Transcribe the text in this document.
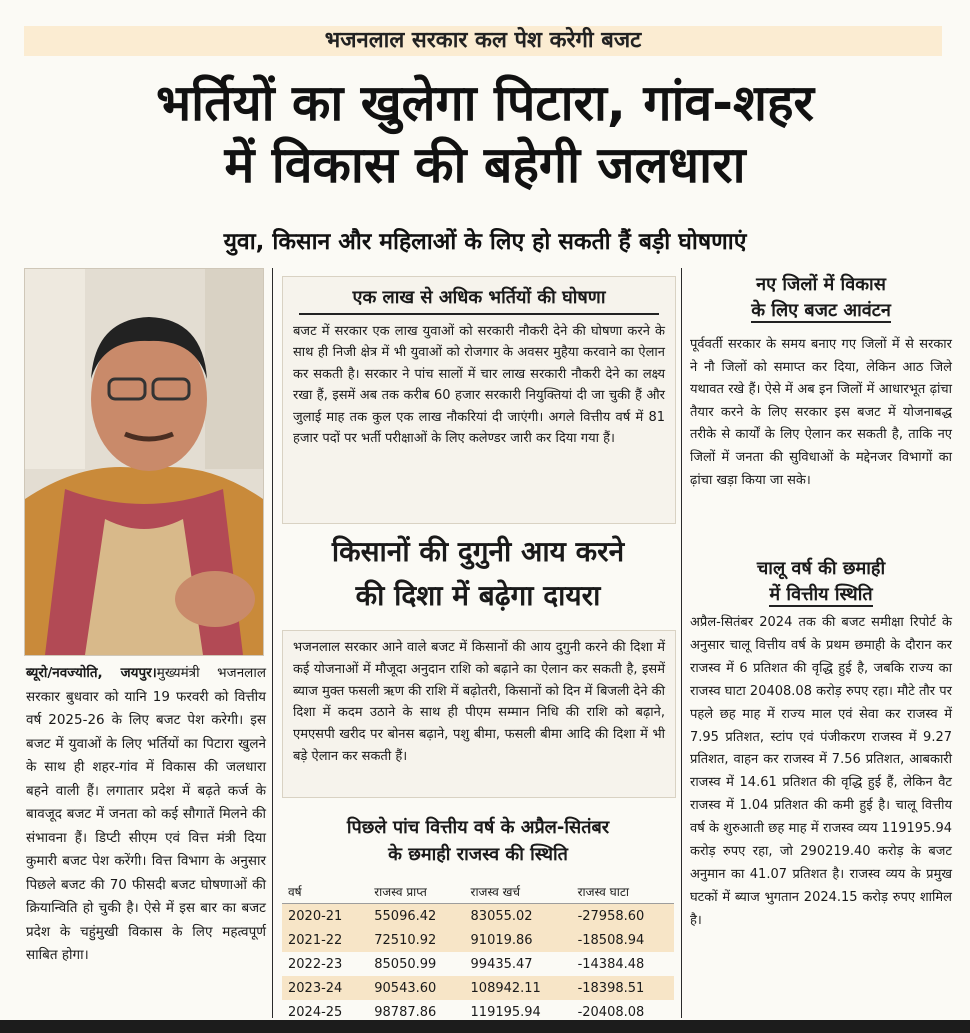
भजनलाल सरकार कल पेश करेगी बजट
भर्तियों का खुलेगा पिटारा, गांव-शहर
में विकास की बहेगी जलधारा
युवा, किसान और महिलाओं के लिए हो सकती हैं बड़ी घोषणाएं
ब्यूरो/नवज्योति, जयपुर।मुख्यमंत्री भजनलाल सरकार बुधवार को यानि 19 फरवरी को वित्तीय वर्ष 2025-26 के लिए बजट पेश करेगी। इस बजट में युवाओं के लिए भर्तियों का पिटारा खुलने के साथ ही शहर-गांव में विकास की जलधारा बहने वाली हैं। लगातार प्रदेश में बढ़ते कर्ज के बावजूद बजट में जनता को कई सौगातें मिलने की संभावना हैं। डिप्टी सीएम एवं वित्त मंत्री दिया कुमारी बजट पेश करेंगी। वित्त विभाग के अनुसार पिछले बजट की 70 फीसदी बजट घोषणाओं की क्रियान्विति हो चुकी है। ऐसे में इस बार का बजट प्रदेश के चहुंमुखी विकास के लिए महत्वपूर्ण साबित होगा।
एक लाख से अधिक भर्तियों की घोषणा
बजट में सरकार एक लाख युवाओं को सरकारी नौकरी देने की घोषणा करने के साथ ही निजी क्षेत्र में भी युवाओं को रोजगार के अवसर मुहैया करवाने का ऐलान कर सकती है। सरकार ने पांच सालों में चार लाख सरकारी नौकरी देने का लक्ष्य रखा हैं, इसमें अब तक करीब 60 हजार सरकारी नियुक्तियां दी जा चुकी हैं और जुलाई माह तक कुल एक लाख नौकरियां दी जाएंगी। अगले वित्तीय वर्ष में 81 हजार पदों पर भर्ती परीक्षाओं के लिए कलेण्डर जारी कर दिया गया हैं।
किसानों की दुगुनी आय करने
की दिशा में बढ़ेगा दायरा
भजनलाल सरकार आने वाले बजट में किसानों की आय दुगुनी करने की दिशा में कई योजनाओं में मौजूदा अनुदान राशि को बढ़ाने का ऐलान कर सकती है, इसमें ब्याज मुक्त फसली ऋण की राशि में बढ़ोतरी, किसानों को दिन में बिजली देने की दिशा में कदम उठाने के साथ ही पीएम सम्मान निधि की राशि को बढ़ाने, एमएसपी खरीद पर बोनस बढ़ाने, पशु बीमा, फसली बीमा आदि की दिशा में भी बड़े ऐलान कर सकती हैं।
पिछले पांच वित्तीय वर्ष के अप्रैल-सितंबर
के छमाही राजस्व की स्थिति
वर्ष	राजस्व प्राप्त	राजस्व खर्च	राजस्व घाटा
2020-21	55096.42	83055.02	-27958.60
2021-22	72510.92	91019.86	-18508.94
2022-23	85050.99	99435.47	-14384.48
2023-24	90543.60	108942.11	-18398.51
2024-25	98787.86	119195.94	-20408.08
नए जिलों में विकास
के लिए बजट आवंटन
पूर्ववर्ती सरकार के समय बनाए गए जिलों में से सरकार ने नौ जिलों को समाप्त कर दिया, लेकिन आठ जिले यथावत रखे हैं। ऐसे में अब इन जिलों में आधारभूत ढ़ांचा तैयार करने के लिए सरकार इस बजट में योजनाबद्ध तरीके से कार्यों के लिए ऐलान कर सकती है, ताकि नए जिलों में जनता की सुविधाओं के मद्देनजर विभागों का ढ़ांचा खड़ा किया जा सके।
चालू वर्ष की छमाही
में वित्तीय स्थिति
अप्रैल-सितंबर 2024 तक की बजट समीक्षा रिपोर्ट के अनुसार चालू वित्तीय वर्ष के प्रथम छमाही के दौरान कर राजस्व में 6 प्रतिशत की वृद्धि हुई है, जबकि राज्य का राजस्व घाटा 20408.08 करोड़ रुपए रहा। मौटे तौर पर पहले छह माह में राज्य माल एवं सेवा कर राजस्व में 7.95 प्रतिशत, स्टांप एवं पंजीकरण राजस्व में 9.27 प्रतिशत, वाहन कर राजस्व में 7.56 प्रतिशत, आबकारी राजस्व में 14.61 प्रतिशत की वृद्धि हुई हैं, लेकिन वैट राजस्व में 1.04 प्रतिशत की कमी हुई है। चालू वित्तीय वर्ष के शुरुआती छह माह में राजस्व व्यय 119195.94 करोड़ रुपए रहा, जो 290219.40 करोड़ के बजट अनुमान का 41.07 प्रतिशत है। राजस्व व्यय के प्रमुख घटकों में ब्याज भुगतान 2024.15 करोड़ रुपए शामिल है।
